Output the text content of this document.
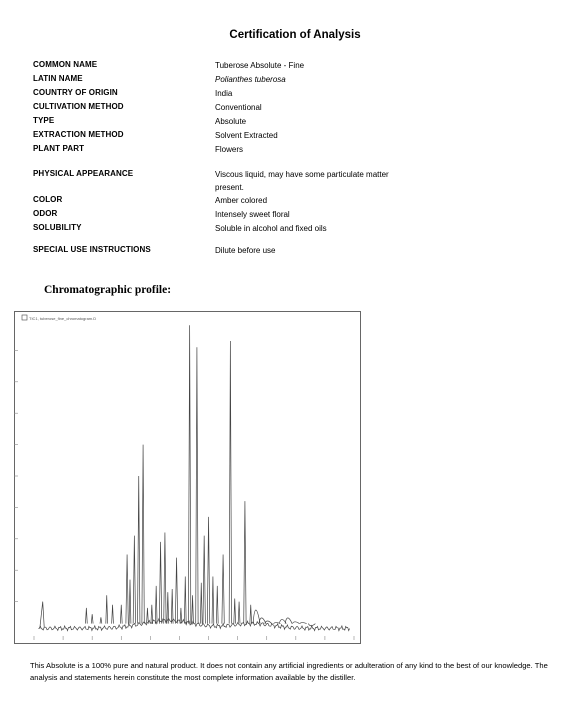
Certification of Analysis
COMMON NAME	Tuberose Absolute - Fine
LATIN NAME	Polianthes tuberosa
COUNTRY OF ORIGIN	India
CULTIVATION METHOD	Conventional
TYPE	Absolute
EXTRACTION METHOD	Solvent Extracted
PLANT PART	Flowers
PHYSICAL APPEARANCE	Viscous liquid, may have some particulate matter present.
COLOR	Amber colored
ODOR	Intensely sweet floral
SOLUBILITY	Soluble in alcohol and fixed oils
SPECIAL USE INSTRUCTIONS	Dilute before use
Chromatographic profile:
TIC1, tuberose_fine_chromatogram.D
This Absolute is a 100% pure and natural product. It does not contain any artificial ingredients or adulteration of any kind to the best of our knowledge. The analysis and statements herein constitute the most complete information available by the distiller.
